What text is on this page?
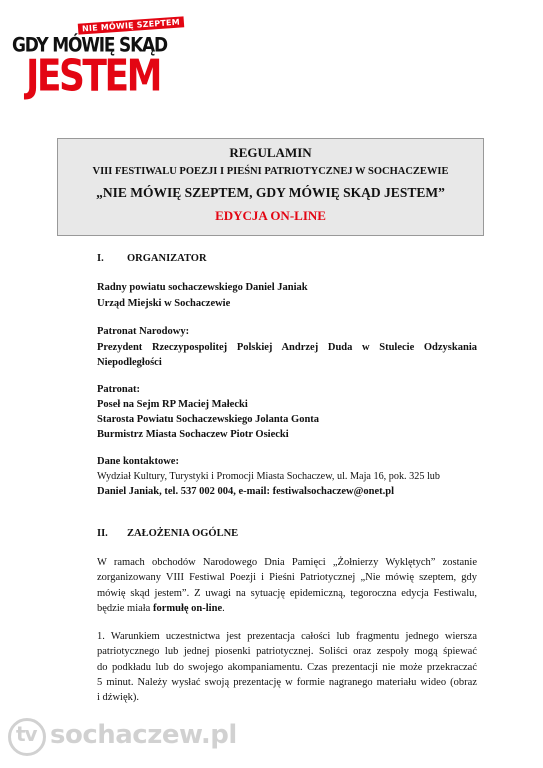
NIE MÓWIĘ SZEPTEM
GDY MÓWIĘ SKĄD
JESTEM
REGULAMIN
VIII FESTIWALU POEZJI I PIEŚNI PATRIOTYCZNEJ W SOCHACZEWIE
„NIE MÓWIĘ SZEPTEM, GDY MÓWIĘ SKĄD JESTEM”
EDYCJA ON-LINE
I. ORGANIZATOR
Radny powiatu sochaczewskiego Daniel Janiak
Urząd Miejski w Sochaczewie
Patronat Narodowy:
Prezydent Rzeczypospolitej Polskiej Andrzej Duda w Stulecie Odzyskania
Niepodległości
Patronat:
Poseł na Sejm RP Maciej Małecki
Starosta Powiatu Sochaczewskiego Jolanta Gonta
Burmistrz Miasta Sochaczew Piotr Osiecki
Dane kontaktowe:
Wydział Kultury, Turystyki i Promocji Miasta Sochaczew, ul. Maja 16, pok. 325 lub
Daniel Janiak, tel. 537 002 004, e-mail: festiwalsochaczew@onet.pl
II. ZAŁOŻENIA OGÓLNE
W ramach obchodów Narodowego Dnia Pamięci „Żołnierzy Wyklętych” zostanie
zorganizowany VIII Festiwal Poezji i Pieśni Patriotycznej „Nie mówię szeptem, gdy
mówię skąd jestem”. Z uwagi na sytuację epidemiczną, tegoroczna edycja Festiwalu,
będzie miała formułę on-line.
1. Warunkiem uczestnictwa jest prezentacja całości lub fragmentu jednego wiersza
patriotycznego lub jednej piosenki patriotycznej. Soliści oraz zespoły mogą śpiewać
do podkładu lub do swojego akompaniamentu. Czas prezentacji nie może przekraczać
5 minut. Należy wysłać swoją prezentację w formie nagranego materiału wideo (obraz
i dźwięk).
tv sochaczew.pl
